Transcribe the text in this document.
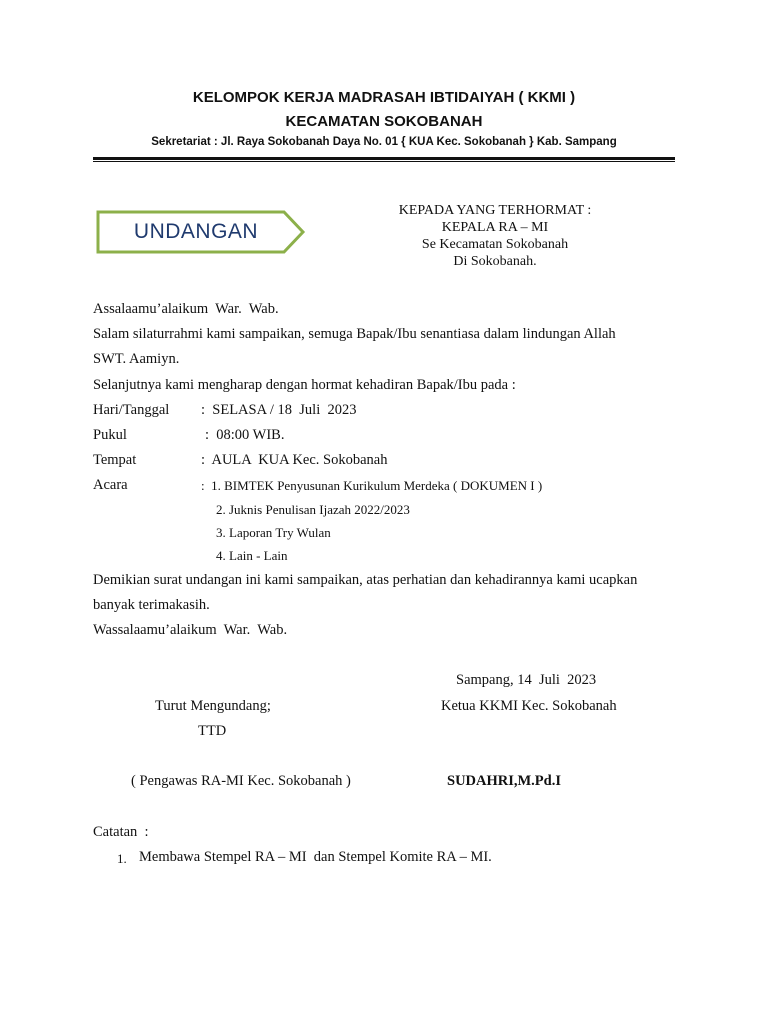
KELOMPOK KERJA MADRASAH IBTIDAIYAH ( KKMI )
KECAMATAN SOKOBANAH
Sekretariat : Jl. Raya Sokobanah Daya No. 01 { KUA Kec. Sokobanah } Kab. Sampang
UNDANGAN
KEPADA YANG TERHORMAT :
KEPALA RA – MI
Se Kecamatan Sokobanah
Di Sokobanah.
Assalaamu’alaikum  War.  Wab.
Salam silaturrahmi kami sampaikan, semuga Bapak/Ibu senantiasa dalam lindungan Allah
SWT. Aamiyn.
Selanjutnya kami mengharap dengan hormat kehadiran Bapak/Ibu pada :
Hari/Tanggal :  SELASA / 18  Juli  2023
Pukul	:  08:00 WIB.
Tempat	:  AULA  KUA Kec. Sokobanah
Acara	:  1. BIMTEK Penyusunan Kurikulum Merdeka ( DOKUMEN I )
2. Juknis Penulisan Ijazah 2022/2023
3. Laporan Try Wulan
4. Lain - Lain
Demikian surat undangan ini kami sampaikan, atas perhatian dan kehadirannya kami ucapkan
banyak terimakasih.
Wassalaamu’alaikum  War.  Wab.
Sampang, 14  Juli  2023
Turut Mengundang;	Ketua KKMI Kec. Sokobanah
TTD
( Pengawas RA-MI Kec. Sokobanah )	SUDAHRI,M.Pd.I
Catatan  :
1. Membawa Stempel RA – MI  dan Stempel Komite RA – MI.
